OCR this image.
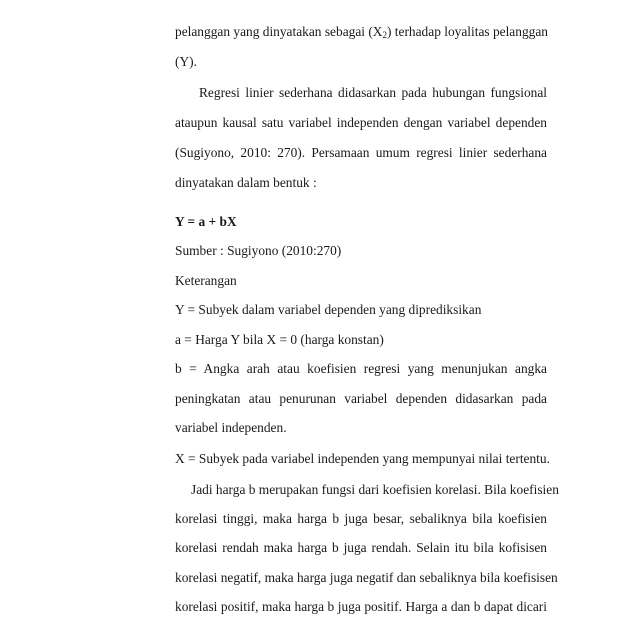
pelanggan yang dinyatakan sebagai $(X_2)$ terhadap loyalitas pelanggan
(Y).
Regresi linier sederhana didasarkan pada hubungan fungsional
ataupun kausal satu variabel independen dengan variabel dependen
(Sugiyono, 2010: 270). Persamaan umum regresi linier sederhana
dinyatakan dalam bentuk :
Y = a + bX
Sumber : Sugiyono (2010:270)
Keterangan
Y = Subyek dalam variabel dependen yang diprediksikan
a = Harga Y bila X = 0 (harga konstan)
b = Angka arah atau koefisien regresi yang menunjukan angka
peningkatan atau penurunan variabel dependen didasarkan pada
variabel independen.
X = Subyek pada variabel independen yang mempunyai nilai tertentu.
Jadi harga b merupakan fungsi dari koefisien korelasi. Bila koefisien
korelasi tinggi, maka harga b juga besar, sebaliknya bila koefisien
korelasi rendah maka harga b juga rendah. Selain itu bila kofisisen
korelasi negatif, maka harga juga negatif dan sebaliknya bila koefisisen
korelasi positif, maka harga b juga positif. Harga a dan b dapat dicari
